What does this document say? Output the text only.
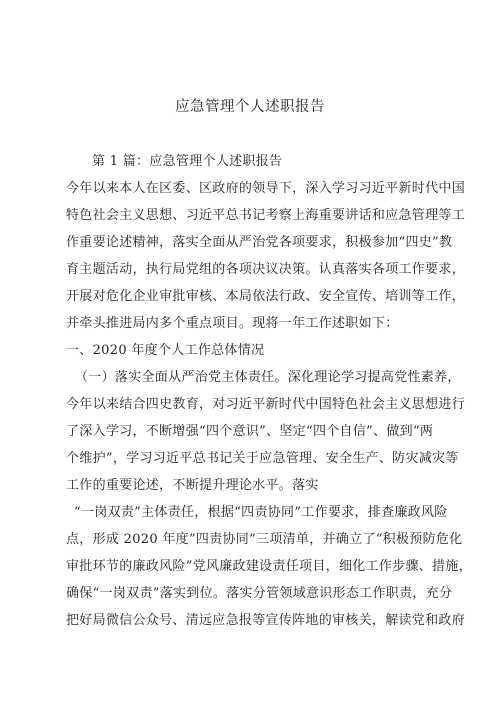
应急管理个人述职报告
第 1 篇：应急管理个人述职报告
今年以来本人在区委、区政府的领导下，深入学习习近平新时代中国
特色社会主义思想、习近平总书记考察上海重要讲话和应急管理等工
作重要论述精神，落实全面从严治党各项要求，积极参加“四史”教
育主题活动，执行局党组的各项决议决策。认真落实各项工作要求，
开展对危化企业审批审核、本局依法行政、安全宣传、培训等工作，
并牵头推进局内多个重点项目。现将一年工作述职如下：
一、2020 年度个人工作总体情况
（一）落实全面从严治党主体责任。深化理论学习提高党性素养，
今年以来结合四史教育，对习近平新时代中国特色社会主义思想进行
了深入学习，不断增强“四个意识”、坚定“四个自信”、做到“两
个维护”，学习习近平总书记关于应急管理、安全生产、防灾减灾等
工作的重要论述，不断提升理论水平。落实
“一岗双责”主体责任，根据“四责协同”工作要求，排查廉政风险
点，形成 2020 年度”四责协同”三项清单，并确立了“积极预防危化
审批环节的廉政风险”党风廉政建设责任项目，细化工作步骤、措施，
确保“一岗双责”落实到位。落实分管领域意识形态工作职责，充分
把好局微信公众号、清远应急报等宣传阵地的审核关，解读党和政府
